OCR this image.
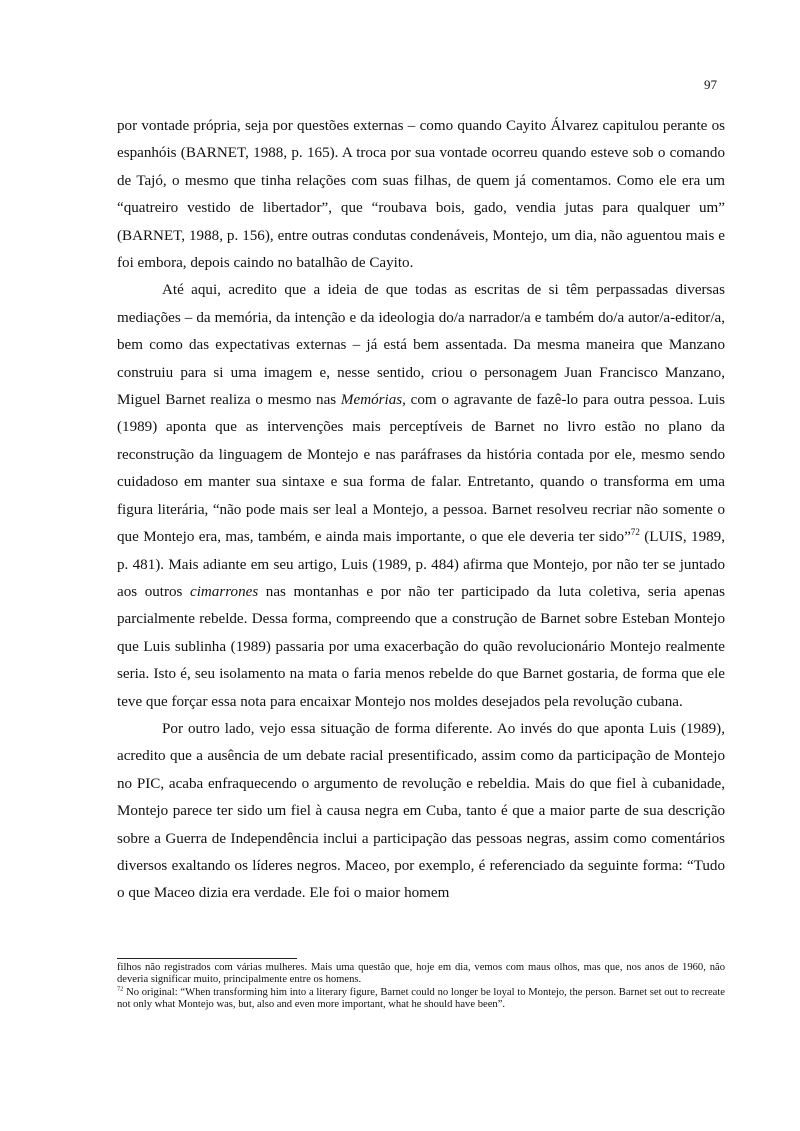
97

por vontade própria, seja por questões externas – como quando Cayito Álvarez capitulou perante os espanhóis (BARNET, 1988, p. 165). A troca por sua vontade ocorreu quando esteve sob o comando de Tajó, o mesmo que tinha relações com suas filhas, de quem já comentamos. Como ele era um “quatreiro vestido de libertador”, que “roubava bois, gado, vendia jutas para qualquer um” (BARNET, 1988, p. 156), entre outras condutas condenáveis, Montejo, um dia, não aguentou mais e foi embora, depois caindo no batalhão de Cayito.

Até aqui, acredito que a ideia de que todas as escritas de si têm perpassadas diversas mediações – da memória, da intenção e da ideologia do/a narrador/a e também do/a autor/a-editor/a, bem como das expectativas externas – já está bem assentada. Da mesma maneira que Manzano construiu para si uma imagem e, nesse sentido, criou o personagem Juan Francisco Manzano, Miguel Barnet realiza o mesmo nas Memórias, com o agravante de fazê-lo para outra pessoa. Luis (1989) aponta que as intervenções mais perceptíveis de Barnet no livro estão no plano da reconstrução da linguagem de Montejo e nas paráfrases da história contada por ele, mesmo sendo cuidadoso em manter sua sintaxe e sua forma de falar. Entretanto, quando o transforma em uma figura literária, “não pode mais ser leal a Montejo, a pessoa. Barnet resolveu recriar não somente o que Montejo era, mas, também, e ainda mais importante, o que ele deveria ter sido”$^{72}$ (LUIS, 1989, p. 481). Mais adiante em seu artigo, Luis (1989, p. 484) afirma que Montejo, por não ter se juntado aos outros cimarrones nas montanhas e por não ter participado da luta coletiva, seria apenas parcialmente rebelde. Dessa forma, compreendo que a construção de Barnet sobre Esteban Montejo que Luis sublinha (1989) passaria por uma exacerbação do quão revolucionário Montejo realmente seria. Isto é, seu isolamento na mata o faria menos rebelde do que Barnet gostaria, de forma que ele teve que forçar essa nota para encaixar Montejo nos moldes desejados pela revolução cubana.

Por outro lado, vejo essa situação de forma diferente. Ao invés do que aponta Luis (1989), acredito que a ausência de um debate racial presentificado, assim como da participação de Montejo no PIC, acaba enfraquecendo o argumento de revolução e rebeldia. Mais do que fiel à cubanidade, Montejo parece ter sido um fiel à causa negra em Cuba, tanto é que a maior parte de sua descrição sobre a Guerra de Independência inclui a participação das pessoas negras, assim como comentários diversos exaltando os líderes negros. Maceo, por exemplo, é referenciado da seguinte forma: “Tudo o que Maceo dizia era verdade. Ele foi o maior homem

filhos não registrados com várias mulheres. Mais uma questão que, hoje em dia, vemos com maus olhos, mas que, nos anos de 1960, não deveria significar muito, principalmente entre os homens.

$^{72}$ No original: “When transforming him into a literary figure, Barnet could no longer be loyal to Montejo, the person. Barnet set out to recreate not only what Montejo was, but, also and even more important, what he should have been”.
